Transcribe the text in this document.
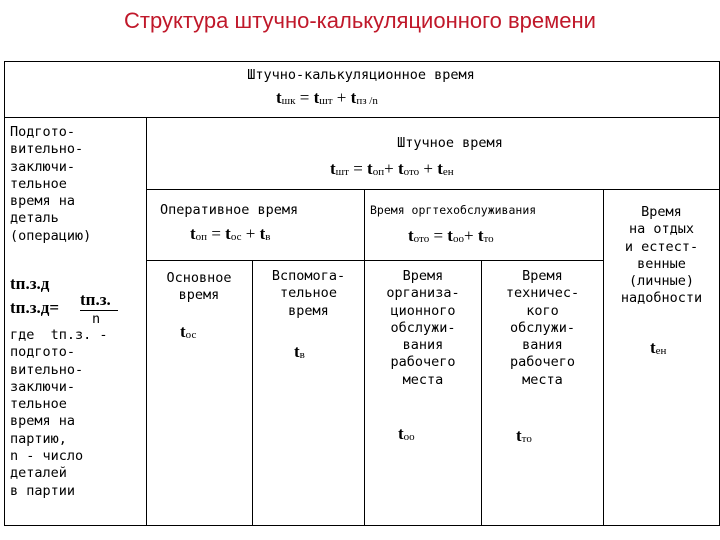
Структура штучно-калькуляционного времени
Штучно-калькуляционное время
$t_{шк} = t_{шт} + t_{пз /n}$
Подгото-
вительно-
заключи-
тельное
время на
деталь
(операцию)
tп.з.д
tп.з.д= tп.з.
n
где  tп.з. -
подгото-
вительно-
заключи-
тельное
время на
партию,
n - число
деталей
в партии
Штучное время
$t_{шт} = t_{оп}+ t_{ото} + t_{ен}$
Оперативное время
$t_{оп} = t_{ос} + t_в$
Время оргтехобслуживания
$t_{ото} = t_{оо}+ t_{то}$
Время
на отдых
и естест-
венные
(личные)
надобности
$t_{ен}$
Основное
время
$t_{ос}$
Вспомога-
тельное
время
$t_в$
Время
организа-
ционного
обслужи-
вания
рабочего
места
$t_{оо}$
Время
техничес-
кого
обслужи-
вания
рабочего
места
$t_{то}$
